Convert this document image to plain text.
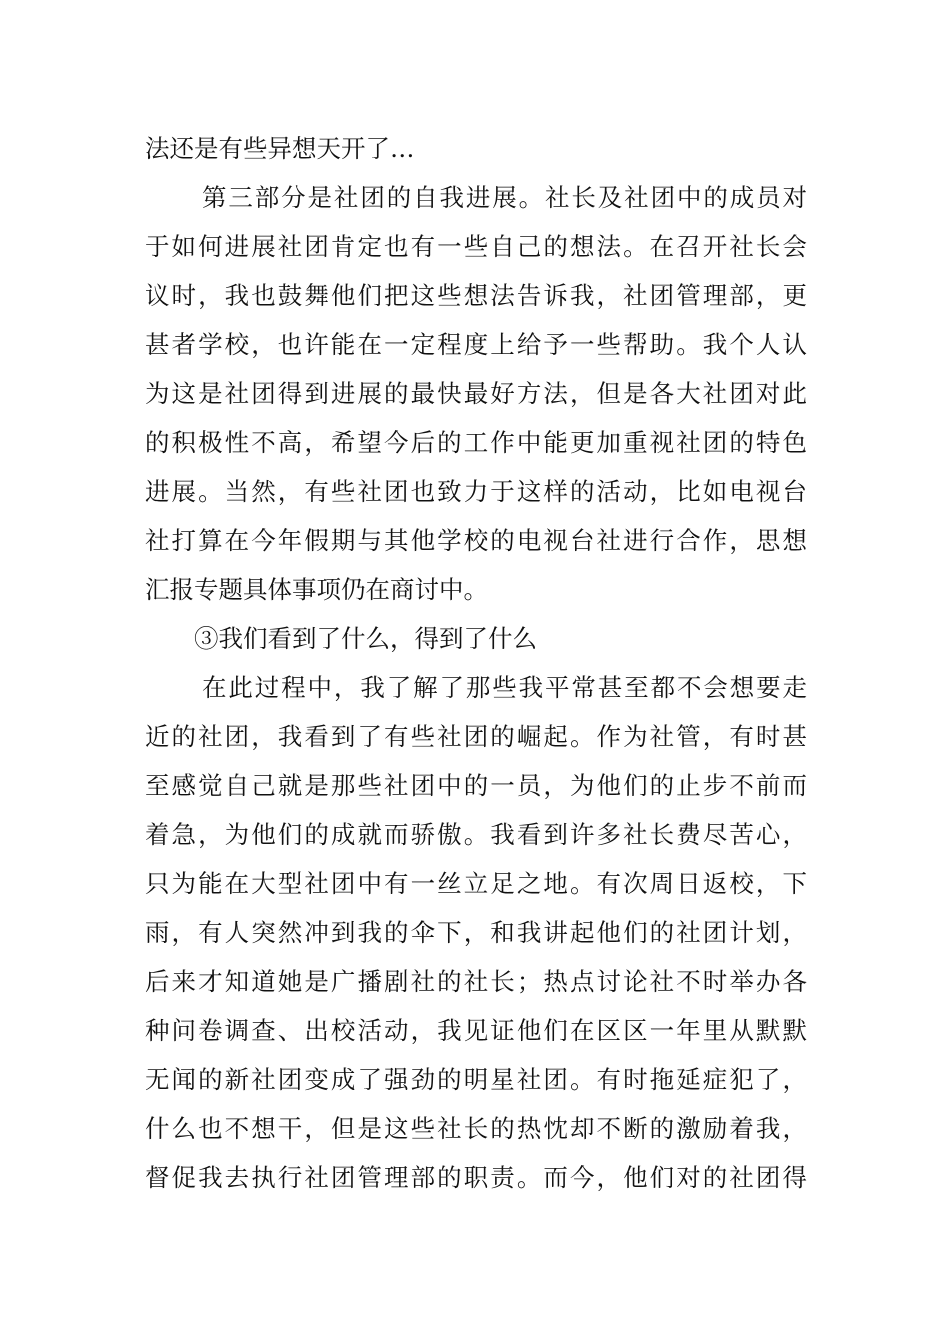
法还是有些异想天开了…
第三部分是社团的自我进展。社长及社团中的成员对
于如何进展社团肯定也有一些自己的想法。在召开社长会
议时，我也鼓舞他们把这些想法告诉我，社团管理部，更
甚者学校，也许能在一定程度上给予一些帮助。我个人认
为这是社团得到进展的最快最好方法，但是各大社团对此
的积极性不高，希望今后的工作中能更加重视社团的特色
进展。当然，有些社团也致力于这样的活动，比如电视台
社打算在今年假期与其他学校的电视台社进行合作，思想
汇报专题具体事项仍在商讨中。
③我们看到了什么，得到了什么
在此过程中，我了解了那些我平常甚至都不会想要走
近的社团，我看到了有些社团的崛起。作为社管，有时甚
至感觉自己就是那些社团中的一员，为他们的止步不前而
着急，为他们的成就而骄傲。我看到许多社长费尽苦心，
只为能在大型社团中有一丝立足之地。有次周日返校，下
雨，有人突然冲到我的伞下，和我讲起他们的社团计划，
后来才知道她是广播剧社的社长；热点讨论社不时举办各
种问卷调查、出校活动，我见证他们在区区一年里从默默
无闻的新社团变成了强劲的明星社团。有时拖延症犯了，
什么也不想干，但是这些社长的热忱却不断的激励着我，
督促我去执行社团管理部的职责。而今，他们对的社团得
